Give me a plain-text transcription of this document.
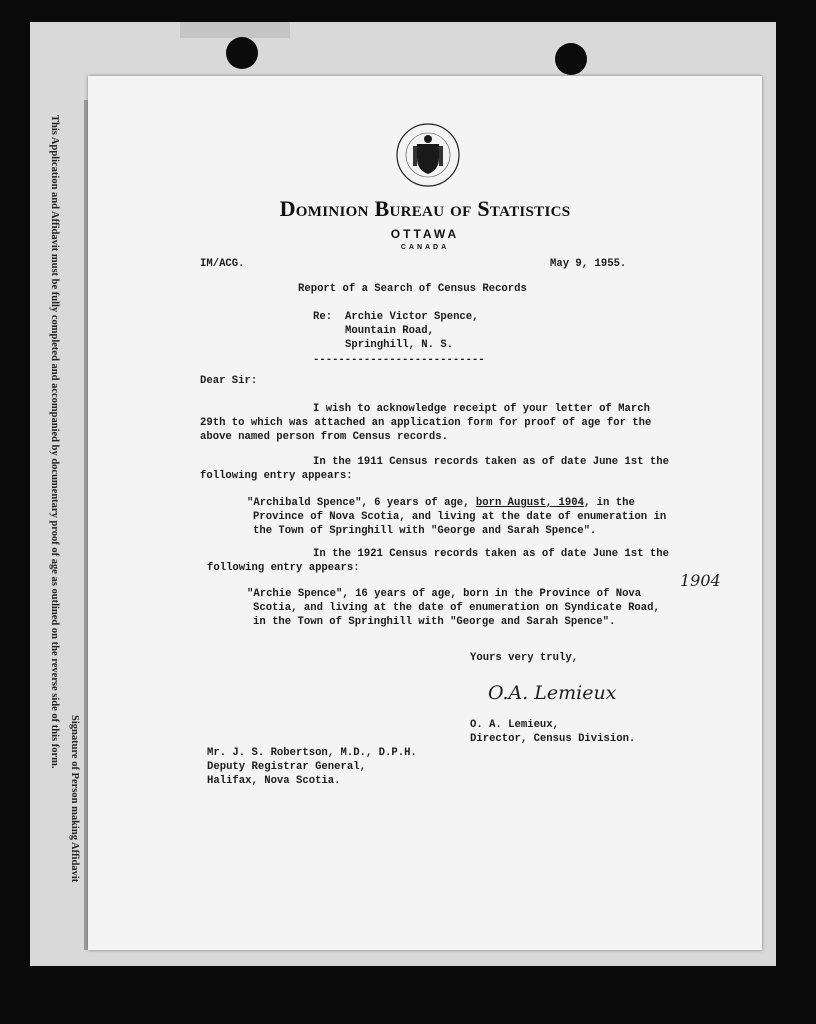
This Application and Affidavit must be fully completed and accompanied by documentary proof of age as outlined on the reverse side of this form.
Signature of Person making Affidavit
Dominion Bureau of Statistics
OTTAWA
CANADA
IM/ACG.	May 9, 1955.
Report of a Search of Census Records
Re: Archie Victor Spence,
Mountain Road,
Springhill, N. S.
---------------------------
Dear Sir:
I wish to acknowledge receipt of your letter of March
29th to which was attached an application form for proof of age for the
above named person from Census records.
In the 1911 Census records taken as of date June 1st the
following entry appears:
"Archibald Spence", 6 years of age, born August, 1904, in the
Province of Nova Scotia, and living at the date of enumeration in
the Town of Springhill with "George and Sarah Spence".
In the 1921 Census records taken as of date June 1st the
following entry appears:
"Archie Spence", 16 years of age, born in the Province of Nova
Scotia, and living at the date of enumeration on Syndicate Road,
in the Town of Springhill with "George and Sarah Spence".
1904
Yours very truly,
O.A. Lemieux
O. A. Lemieux,
Director, Census Division.
Mr. J. S. Robertson, M.D., D.P.H.
Deputy Registrar General,
Halifax, Nova Scotia.
